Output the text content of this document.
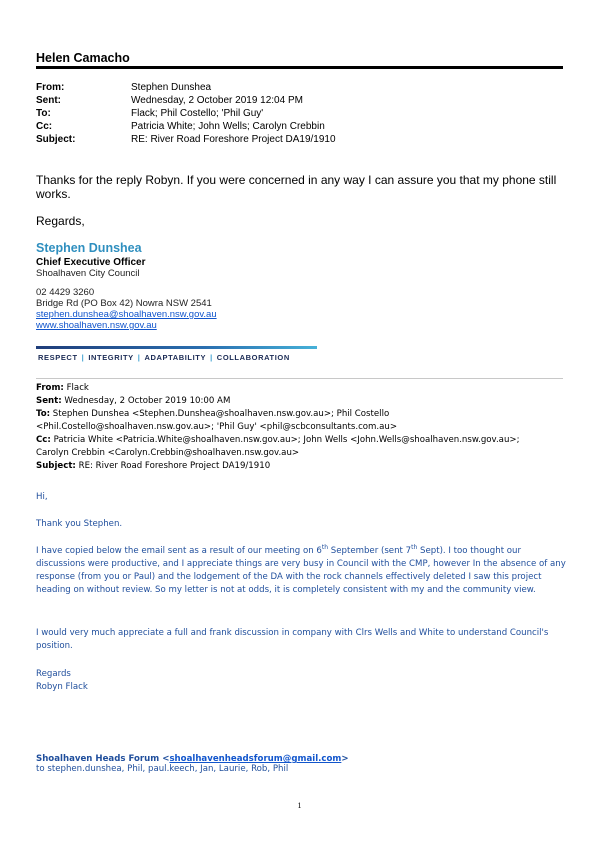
Helen Camacho
From:	Stephen Dunshea
Sent:	Wednesday, 2 October 2019 12:04 PM
To:	Flack; Phil Costello; 'Phil Guy'
Cc:	Patricia White; John Wells; Carolyn Crebbin
Subject:	RE: River Road Foreshore Project DA19/1910
Thanks for the reply Robyn. If you were concerned in any way I can assure you that my phone still works.
Regards,
Stephen Dunshea
Chief Executive Officer
Shoalhaven City Council
02 4429 3260
Bridge Rd (PO Box 42) Nowra NSW 2541
stephen.dunshea@shoalhaven.nsw.gov.au
www.shoalhaven.nsw.gov.au
RESPECT | INTEGRITY | ADAPTABILITY | COLLABORATION
From: Flack
Sent: Wednesday, 2 October 2019 10:00 AM
To: Stephen Dunshea <Stephen.Dunshea@shoalhaven.nsw.gov.au>; Phil Costello
<Phil.Costello@shoalhaven.nsw.gov.au>; 'Phil Guy' <phil@scbconsultants.com.au>
Cc: Patricia White <Patricia.White@shoalhaven.nsw.gov.au>; John Wells <John.Wells@shoalhaven.nsw.gov.au>;
Carolyn Crebbin <Carolyn.Crebbin@shoalhaven.nsw.gov.au>
Subject: RE: River Road Foreshore Project DA19/1910
Hi,
Thank you Stephen.
I have copied below the email sent as a result of our meeting on 6th September (sent 7th Sept). I too thought our discussions were productive, and I appreciate things are very busy in Council with the CMP, however In the absence of any response (from you or Paul) and the lodgement of the DA with the rock channels effectively deleted I saw this project heading on without review. So my letter is not at odds, it is completely consistent with my and the community view.
I would very much appreciate a full and frank discussion in company with Clrs Wells and White to understand Council's position.
Regards
Robyn Flack
Shoalhaven Heads Forum <shoalhavenheadsforum@gmail.com>
to stephen.dunshea, Phil, paul.keech, Jan, Laurie, Rob, Phil
1
